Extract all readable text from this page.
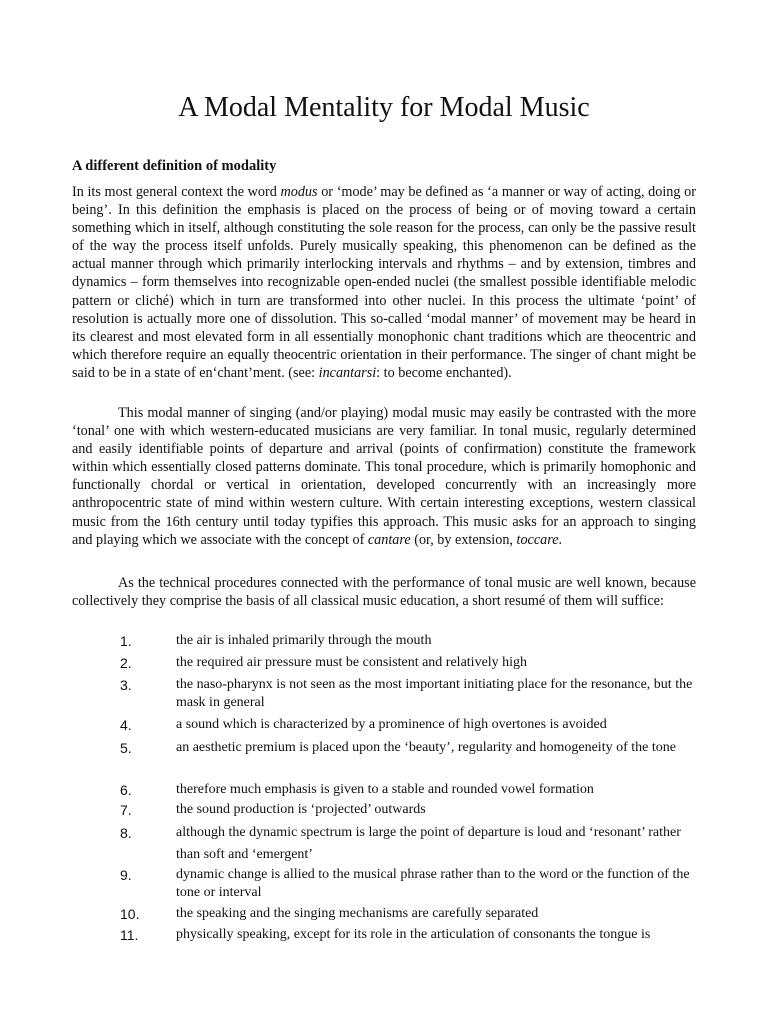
A Modal Mentality for Modal Music
A different definition of modality

In its most general context the word modus or ‘mode’ may be defined as ‘a manner or way of acting, doing or being’. In this definition the emphasis is placed on the process of being or of moving toward a certain something which in itself, although constituting the sole reason for the process, can only be the passive result of the way the process itself unfolds. Purely musically speaking, this phenomenon can be defined as the actual manner through which primarily interlocking intervals and rhythms – and by extension, timbres and dynamics – form themselves into recognizable open-ended nuclei (the smallest possible identifiable melodic pattern or cliché) which in turn are transformed into other nuclei. In this process the ultimate ‘point’ of resolution is actually more one of dissolution. This so-called ‘modal manner’ of movement may be heard in its clearest and most elevated form in all essentially monophonic chant traditions which are theocentric and which therefore require an equally theocentric orientation in their performance. The singer of chant might be said to be in a state of en‘chant’ment. (see: incantarsi: to become enchanted).

This modal manner of singing (and/or playing) modal music may easily be contrasted with the more ‘tonal’ one with which western-educated musicians are very familiar. In tonal music, regularly determined and easily identifiable points of departure and arrival (points of confirmation) constitute the framework within which essentially closed patterns dominate. This tonal procedure, which is primarily homophonic and functionally chordal or vertical in orientation, developed concurrently with an increasingly more anthropocentric state of mind within western culture. With certain interesting exceptions, western classical music from the 16th century until today typifies this approach. This music asks for an approach to singing and playing which we associate with the concept of cantare (or, by extension, toccare.

As the technical procedures connected with the performance of tonal music are well known, because collectively they comprise the basis of all classical music education, a short resumé of them will suffice:

1.	the air is inhaled primarily through the mouth
2.	the required air pressure must be consistent and relatively high
3.	the naso-pharynx is not seen as the most important initiating place for the resonance, but the mask in general
4.	a sound which is characterized by a prominence of high overtones is avoided
5.	an aesthetic premium is placed upon the ‘beauty’, regularity and homogeneity of the tone
6.	therefore much emphasis is given to a stable and rounded vowel formation
7.	the sound production is ‘projected’ outwards
8.	although the dynamic spectrum is large the point of departure is loud and ‘resonant’ rather than soft and ‘emergent’
9.	dynamic change is allied to the musical phrase rather than to the word or the function of the tone or interval
10.	the speaking and the singing mechanisms are carefully separated
11.	physically speaking, except for its role in the articulation of consonants the tongue is
